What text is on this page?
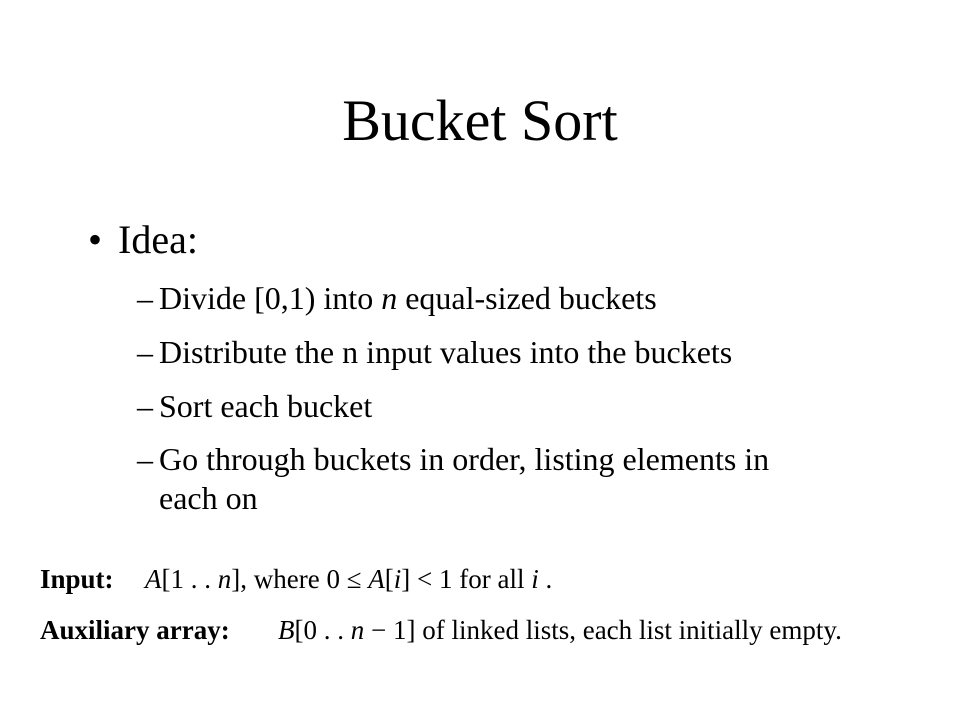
Bucket Sort
• Idea:
– Divide [0,1) into n equal-sized buckets
– Distribute the n input values into the buckets
– Sort each bucket
– Go through buckets in order, listing elements in
each on
Input: A[1 . . n], where 0 ≤ A[i] < 1 for all i .
Auxiliary array: B[0 . . n − 1] of linked lists, each list initially empty.
